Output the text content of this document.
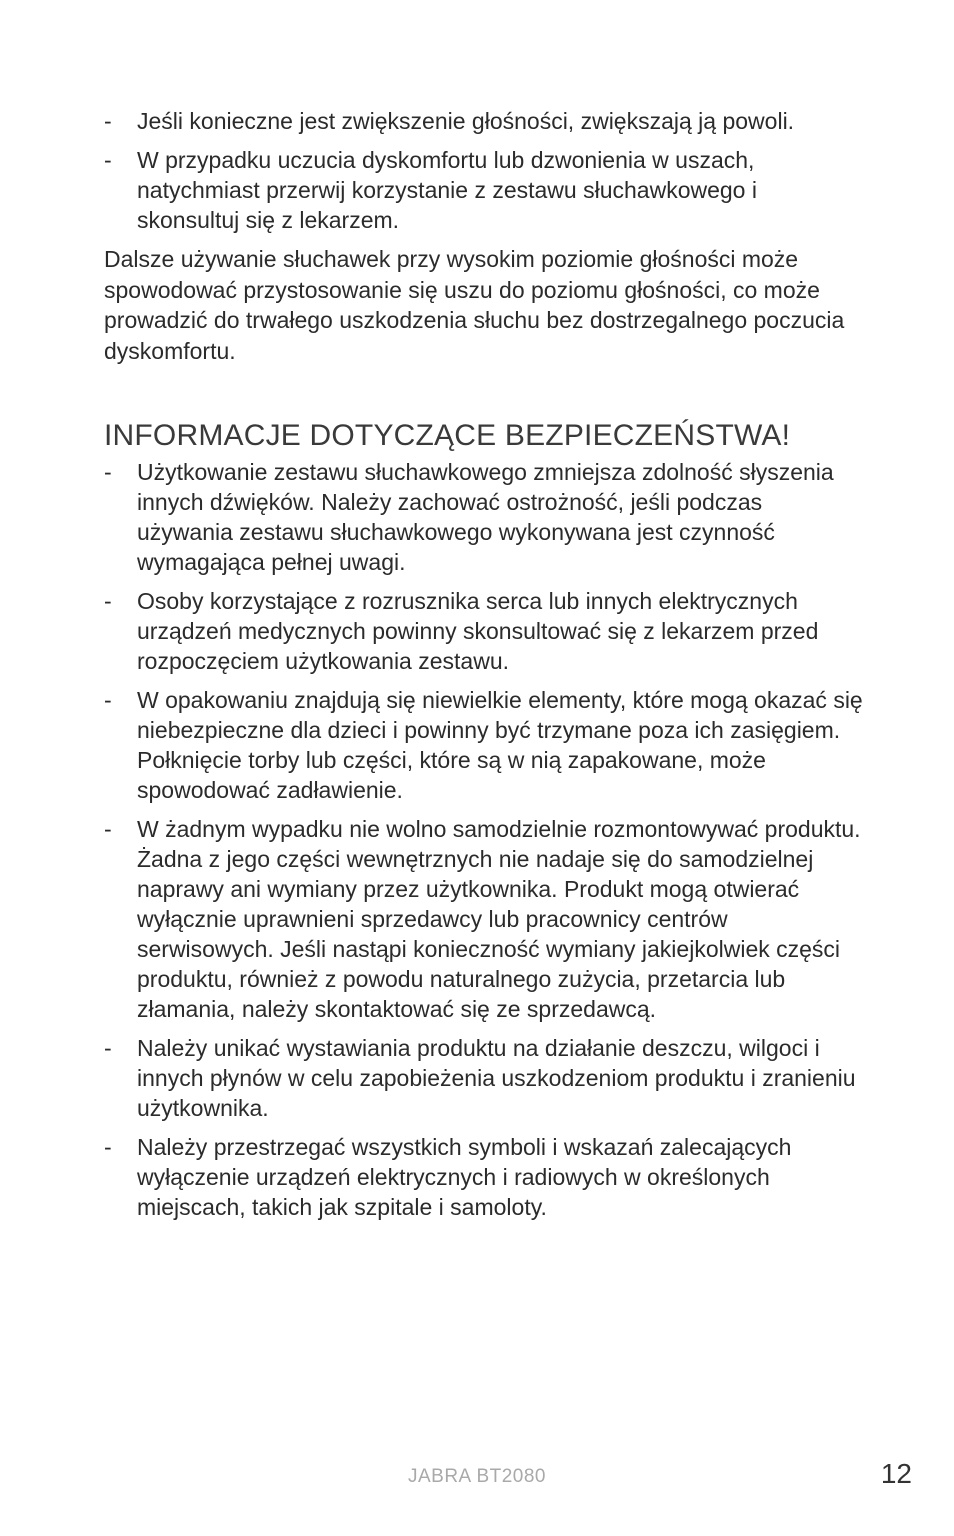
- Jeśli konieczne jest zwiększenie głośności, zwiększają ją powoli.
- W przypadku uczucia dyskomfortu lub dzwonienia w uszach, natychmiast przerwij korzystanie z zestawu słuchawkowego i skonsultuj się z lekarzem.

Dalsze używanie słuchawek przy wysokim poziomie głośności może spowodować przystosowanie się uszu do poziomu głośności, co może prowadzić do trwałego uszkodzenia słuchu bez dostrzegalnego poczucia dyskomfortu.

INFORMACJE DOTYCZĄCE BEZPIECZEŃSTWA!
- Użytkowanie zestawu słuchawkowego zmniejsza zdolność słyszenia innych dźwięków. Należy zachować ostrożność, jeśli podczas używania zestawu słuchawkowego wykonywana jest czynność wymagająca pełnej uwagi.
- Osoby korzystające z rozrusznika serca lub innych elektrycznych urządzeń medycznych powinny skonsultować się z lekarzem przed rozpoczęciem użytkowania zestawu.
- W opakowaniu znajdują się niewielkie elementy, które mogą okazać się niebezpieczne dla dzieci i powinny być trzymane poza ich zasięgiem. Połknięcie torby lub części, które są w nią zapakowane, może spowodować zadławienie.
- W żadnym wypadku nie wolno samodzielnie rozmontowywać produktu. Żadna z jego części wewnętrznych nie nadaje się do samodzielnej naprawy ani wymiany przez użytkownika. Produkt mogą otwierać wyłącznie uprawnieni sprzedawcy lub pracownicy centrów serwisowych. Jeśli nastąpi konieczność wymiany jakiejkolwiek części produktu, również z powodu naturalnego zużycia, przetarcia lub złamania, należy skontaktować się ze sprzedawcą.
- Należy unikać wystawiania produktu na działanie deszczu, wilgoci i innych płynów w celu zapobieżenia uszkodzeniom produktu i zranieniu użytkownika.
- Należy przestrzegać wszystkich symboli i wskazań zalecających wyłączenie urządzeń elektrycznych i radiowych w określonych miejscach, takich jak szpitale i samoloty.
JABRA BT2080	12
